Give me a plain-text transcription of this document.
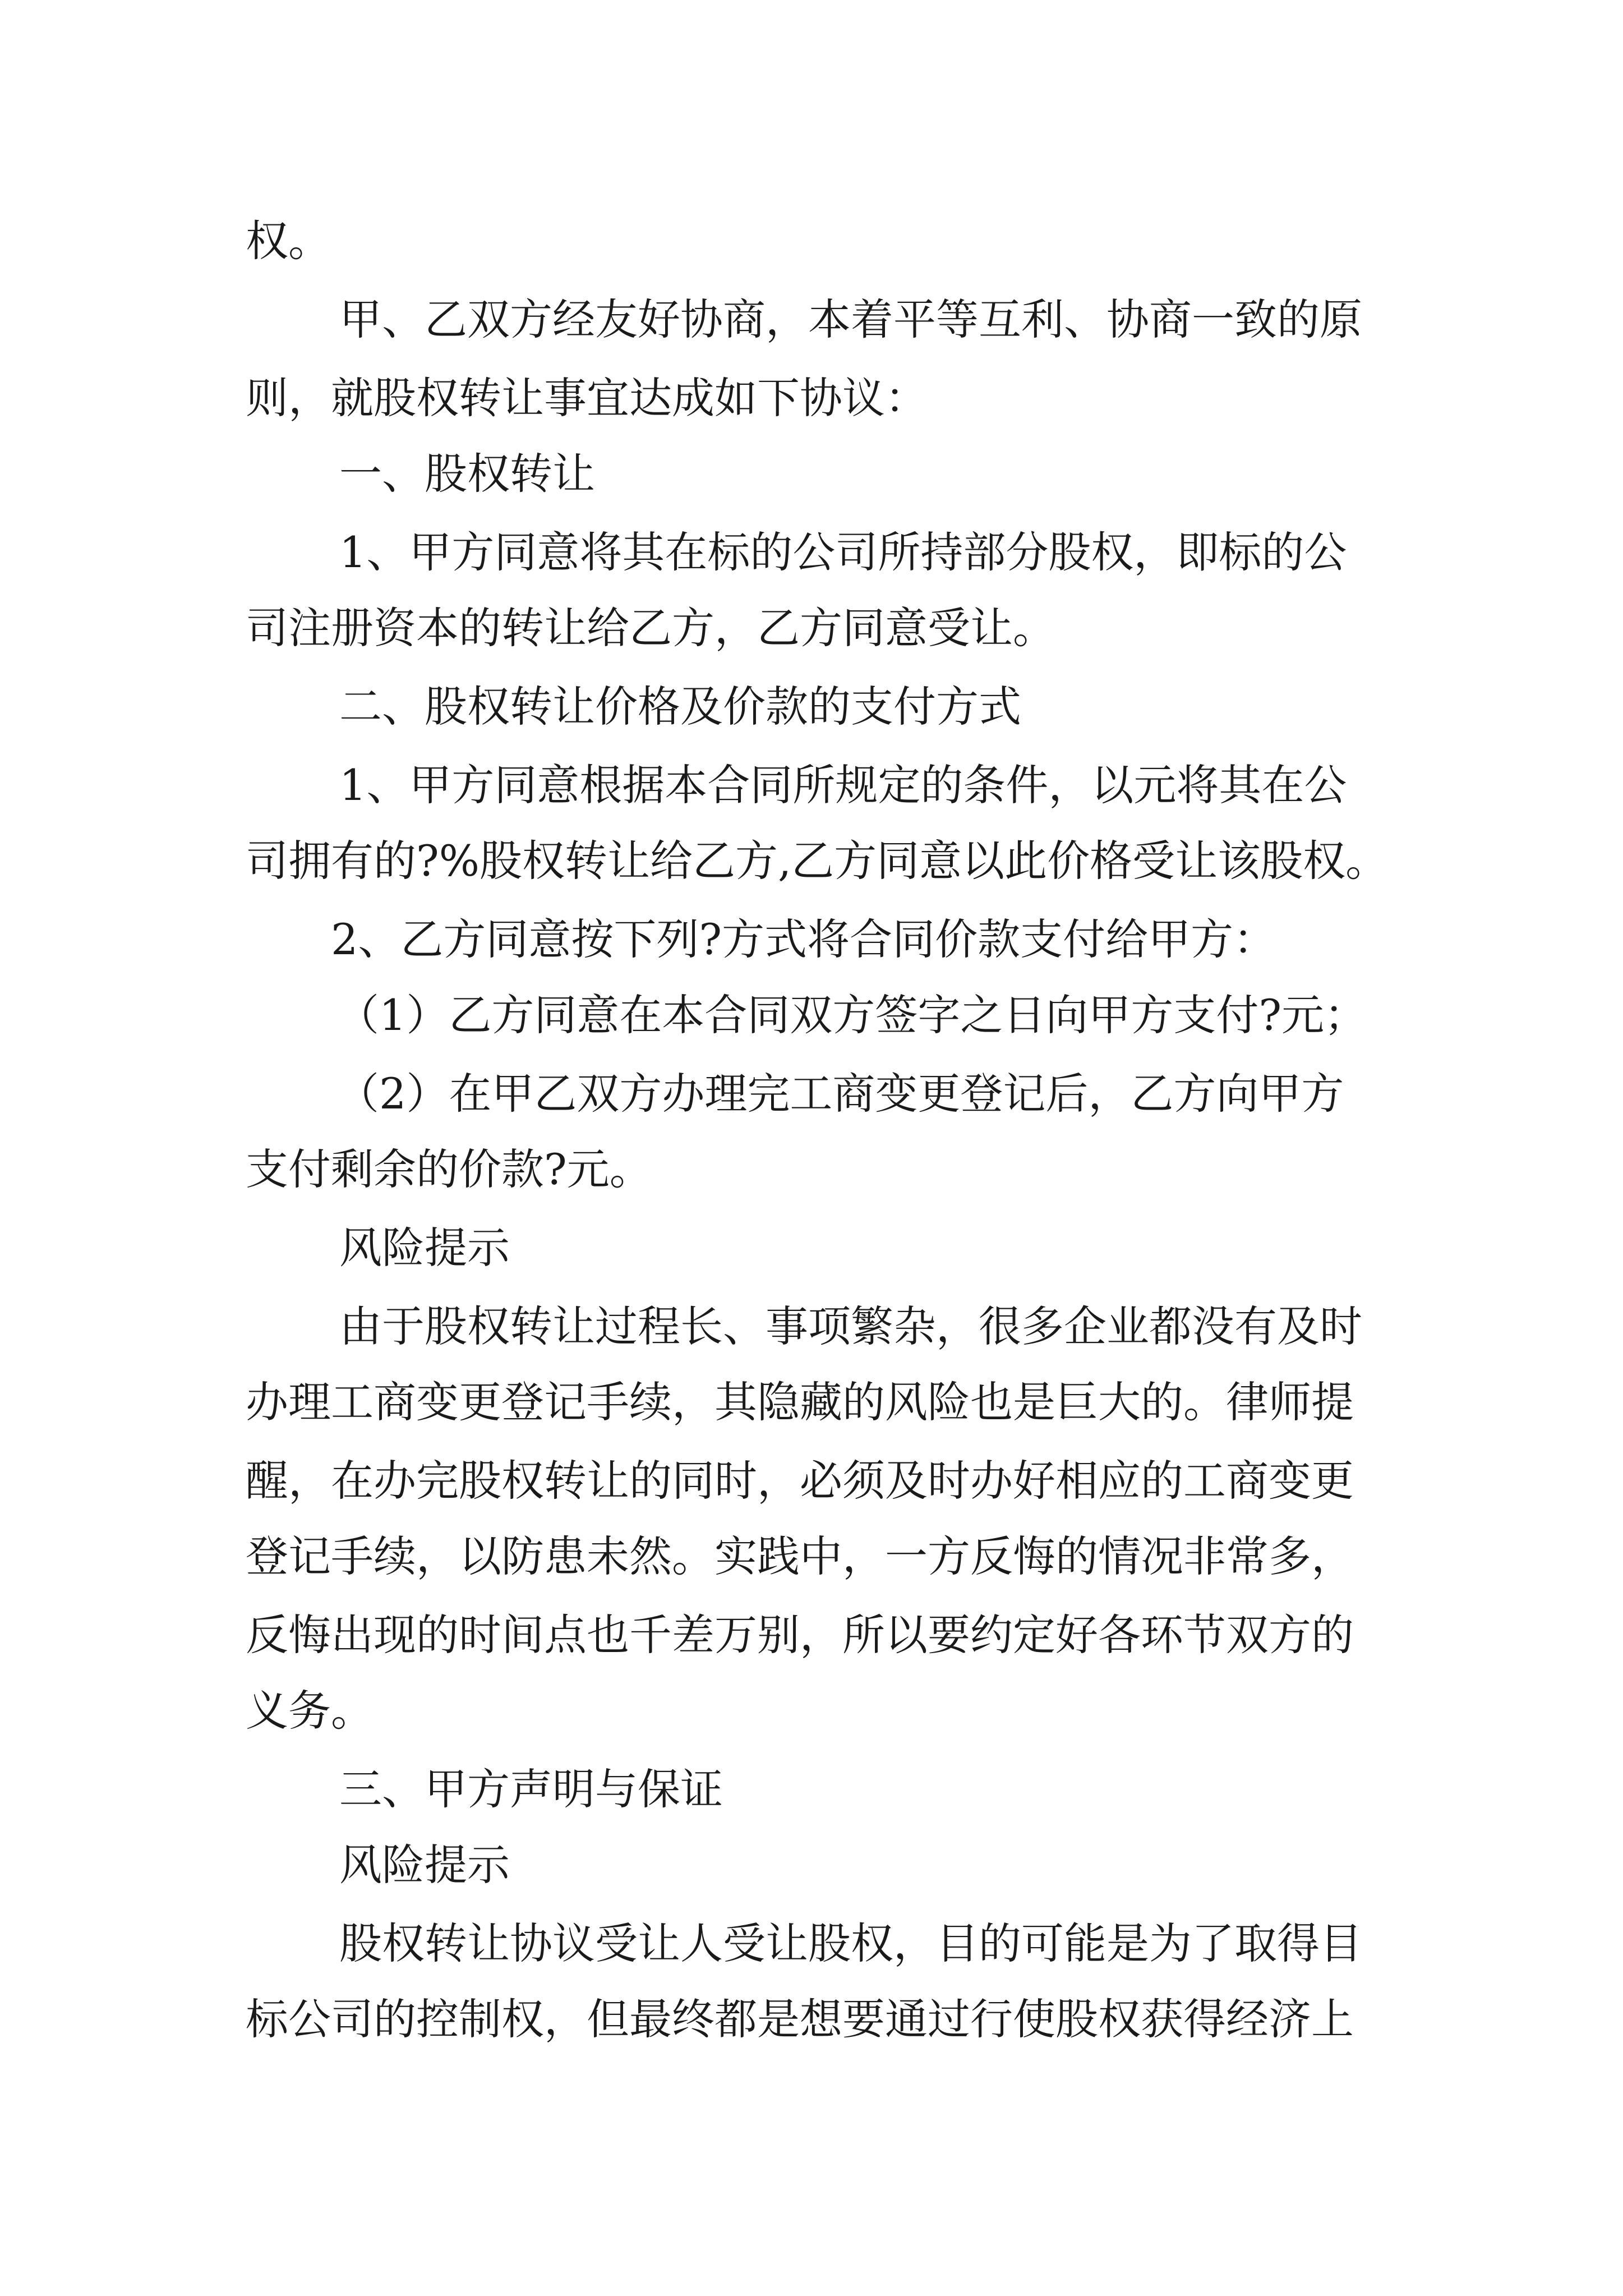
权。

甲、乙双方经友好协商，本着平等互利、协商一致的原

则，就股权转让事宜达成如下协议：

一、股权转让

1、甲方同意将其在标的公司所持部分股权，即标的公

司注册资本的转让给乙方，乙方同意受让。

二、股权转让价格及价款的支付方式

1、甲方同意根据本合同所规定的条件，以元将其在公

司拥有的?%股权转让给乙方,乙方同意以此价格受让该股权。

2、乙方同意按下列?方式将合同价款支付给甲方：

（1）乙方同意在本合同双方签字之日向甲方支付?元；

（2）在甲乙双方办理完工商变更登记后，乙方向甲方

支付剩余的价款?元。

风险提示

由于股权转让过程长、事项繁杂，很多企业都没有及时

办理工商变更登记手续，其隐藏的风险也是巨大的。律师提

醒，在办完股权转让的同时，必须及时办好相应的工商变更

登记手续，以防患未然。实践中，一方反悔的情况非常多，

反悔出现的时间点也千差万别，所以要约定好各环节双方的

义务。

三、甲方声明与保证

风险提示

股权转让协议受让人受让股权，目的可能是为了取得目

标公司的控制权，但最终都是想要通过行使股权获得经济上
